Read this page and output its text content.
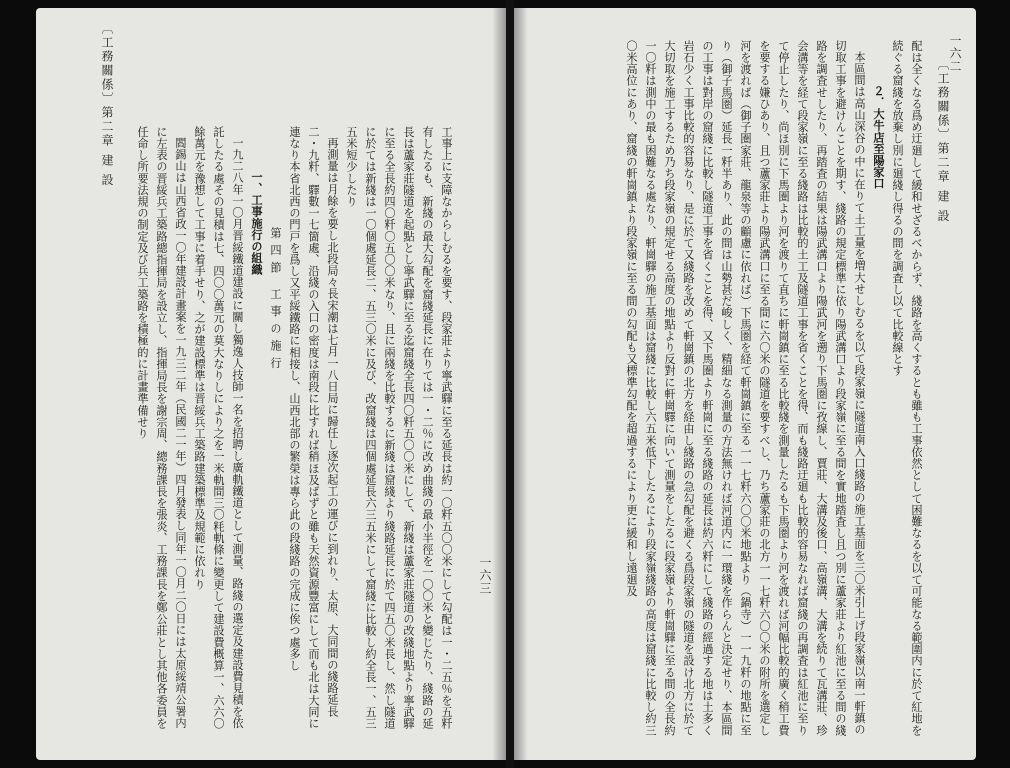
〔工務關係〕第二章 建 設
一六三

工事上に支障なからしむるを要す、段家莊より寧武驛に至る延長は約一〇粁五〇〇米にして勾配は一・二五％を五粁有したるも、新綫の最大勾配を窟綫延長に在りては一・二％に改め曲綫の最小半徑を一〇〇米と變じたり、綫路の延長は蘆家莊隧道を起點とし寧武驛に至る迄窟綫全長四〇粁五〇〇米にして、新綫は蘆家莊隧道の改綫地點より寧武驛に至る全長約四〇粁〇五〇〇米なり、且に兩綫を比較するに新綫は窟綫より綫路延長に於て四五〇米長し、然し隧道に於ては新綫は一〇個處延長二、五三〇米に及び、改窟綫は四個處延長六三五米にして窟綫に比較し約全長一、五三五米短少したり

再測量は月餘を要し北段局々長宋潮は七月一八日局に歸任し逐次起工の運びに到れり、太原、大同間の綫路延長二・九粁、驛數一七箇處、沿綫の入口の密度は南段に比すれば稍ほ及ばずと雖も天然資源豐富にして而も北は大同に連なり本省北西の門戸を爲し又平綏鐵路に相接し、山西北部の繁榮は專ら此の段綫路の完成に俟つ處多し

第四節 工事の施行

一、工事施行の組織

一九二八年一〇月晋綏鐵道建設に關し獨逸人技師一名を招聘し廣軌鐵道として測量、路綫の選定及建設費見積を依託したる處その見積は七、四〇〇萬元の莫大なりしにより之を一米軌間三〇粍軌條に變更して建設費概算一、六六〇餘萬元を豫想して工事に着手せり、之が建設標準は晋綏兵工築路建築標準及規範に依れり

閻錫山は山西省政一〇年建設計畫案を一九三二年（民國二一年）四月發表し同年一〇月二〇日には太原綏靖公署内に左表の晋綏兵工築路總指揮局を設立し、指揮局長を謝宗周、總務課長を張炎、工務課長を鄭公莊とし其他各委員を任命し所要法規の制定及び兵工築路を積極的に計畫準備せり

一六二
〔工務關係〕第二章 建 設

配は全くなる爲め迂廻して緩和せざるべからず、綫路を高くするとも雖も工事依然として困難なるを以て可能なる範圍内に於て紅地を続ぐる窟綫を放棄し別に廻綫し得るの間を調査し以て比較線とす

２．大牛店至陽家口

本區間は高山深谷の中に在りて土工量を増大せしむるを以て段家嶺に隧道南入口綫路の施工基面を三〇米引上げ段家嶺以南一軒鎮の切取工事を避けんことを期す、綫路の規定標準に依り陽武溝口より段家嶺に至る間を實地踏査し且つ別に蘆家莊より紅池に至る間の綫路を調査せしたり、再踏査の結果は陽武溝口より陽武河を遡り下馬圏に孜線し、賈莊、大溝及後口、高嶺溝、大溝を続りて瓦溝莊、珍会溝等を経て段家嶺に至る綫路は比較的土工及隧道工事を省くことを得、而も綫路迂廻も比較的容易なれば窟綫の再調査は紅池に至りて停止したり、尚ほ別に下馬圏より河を渡りて直ちに軒崗鎮に至る比較綫を測量したるも下馬圏より河を渡れば河幅比較的廣く稍工費を要する嫌ひあり、且つ蘆家莊より陽武溝口に至る間に六〇米の隧道を要すべし、乃ち蘆家莊の北方一一七粁六〇〇米の附所を選定し河を渡れば（御子圏家莊、龍泉等の顧慮に依れば）下馬圏を経て軒崗鎮に至る一一七粁六〇〇米地點より（鍋寺）一一九粁の地點に至り（御子馬圏）延長一粁半あり、此の間は山勢甚だ峻しく、精細なる測量の方法無ければ河道内に一環綫を作らんと決定せり、本區間の工事は對岸の窟綫に比較し隧道工事を省くことを得、又下馬圏より軒崗に至る綫路の延長は約六粁にして綫路の經過する地は土多く岩石少く工事比較的容易なり、是に於て又綫路を改めて軒崗鎮の北方を経由し綫路の急勾配を避くる爲段家嶺の隧道を設け北方に於て大切取を施工するため乃ち段家嶺の規定せる高度の地點より反對に軒崗驛に向いて測量をしたるに段家嶺より軒崗驛に至る間の全長約一〇粁は測中の最も困難なる處なり、軒崗驛の施工基面は窟綫に比較し六五米低下したるにより段家嶺綫路の高度は窟綫に比較し約三〇米高位にあり、窟綫の軒崗鎮より段家嶺に至る間の勾配も又標準勾配を超過するにより更に緩和し遠廻及
